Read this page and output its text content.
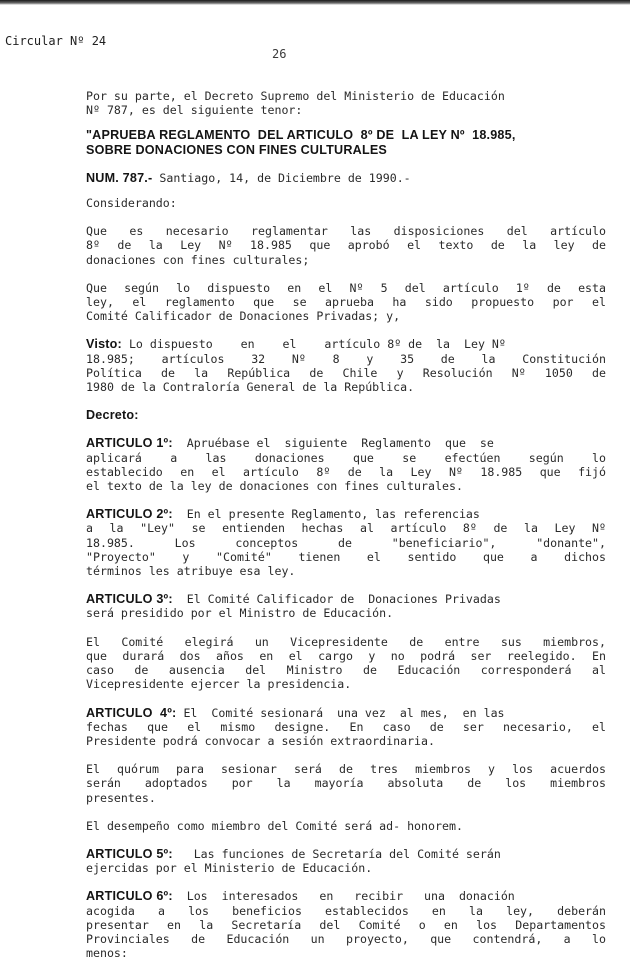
Circular Nº 24
26

Por su parte, el Decreto Supremo del Ministerio de Educación
Nº 787, es del siguiente tenor:

"APRUEBA REGLAMENTO  DEL ARTICULO  8º DE  LA LEY Nº  18.985,
SOBRE DONACIONES CON FINES CULTURALES

NUM. 787.- Santiago, 14, de Diciembre de 1990.-

Considerando:

Que es necesario reglamentar las disposiciones del artículo
8º de la Ley Nº 18.985 que aprobó el texto de la ley de
donaciones con fines culturales;

Que según lo dispuesto en el Nº 5 del artículo 1º de esta
ley, el reglamento que se aprueba ha sido propuesto por el
Comité Calificador de Donaciones Privadas; y,

Visto: Lo dispuesto    en    el    artículo 8º de  la  Ley Nº
18.985; artículos 32 Nº 8 y 35 de la Constitución
Política de la República de Chile y Resolución Nº 1050 de
1980 de la Contraloría General de la República.

Decreto:

ARTICULO 1º:  Apruébase el  siguiente  Reglamento  que  se
aplicará a las donaciones que se efectúen según lo
establecido en el artículo 8º de la Ley Nº 18.985 que fijó
el texto de la ley de donaciones con fines culturales.

ARTICULO 2º:  En el presente Reglamento, las referencias
a la "Ley" se entienden hechas al artículo 8º de la Ley Nº
18.985. Los conceptos de "beneficiario", "donante",
"Proyecto" y "Comité" tienen el sentido que a dichos
términos les atribuye esa ley.

ARTICULO 3º:  El Comité Calificador de  Donaciones Privadas
será presidido por el Ministro de Educación.

El Comité elegirá un Vicepresidente de entre sus miembros,
que durará dos años en el cargo y no podrá ser reelegido. En
caso de ausencia del Ministro de Educación corresponderá al
Vicepresidente ejercer la presidencia.

ARTICULO  4º: El  Comité sesionará  una vez  al mes,  en las
fechas que el mismo designe. En caso de ser necesario, el
Presidente podrá convocar a sesión extraordinaria.

El quórum para sesionar será de tres miembros y los acuerdos
serán adoptados por la mayoría absoluta de los miembros
presentes.

El desempeño como miembro del Comité será ad- honorem.

ARTICULO 5º:   Las funciones de Secretaría del Comité serán
ejercidas por el Ministerio de Educación.

ARTICULO 6º:  Los  interesados   en   recibir   una  donación
acogida a los beneficios establecidos en la ley, deberán
presentar en la Secretaría del Comité o en los Departamentos
Provinciales de Educación un proyecto, que contendrá, a lo
menos:
